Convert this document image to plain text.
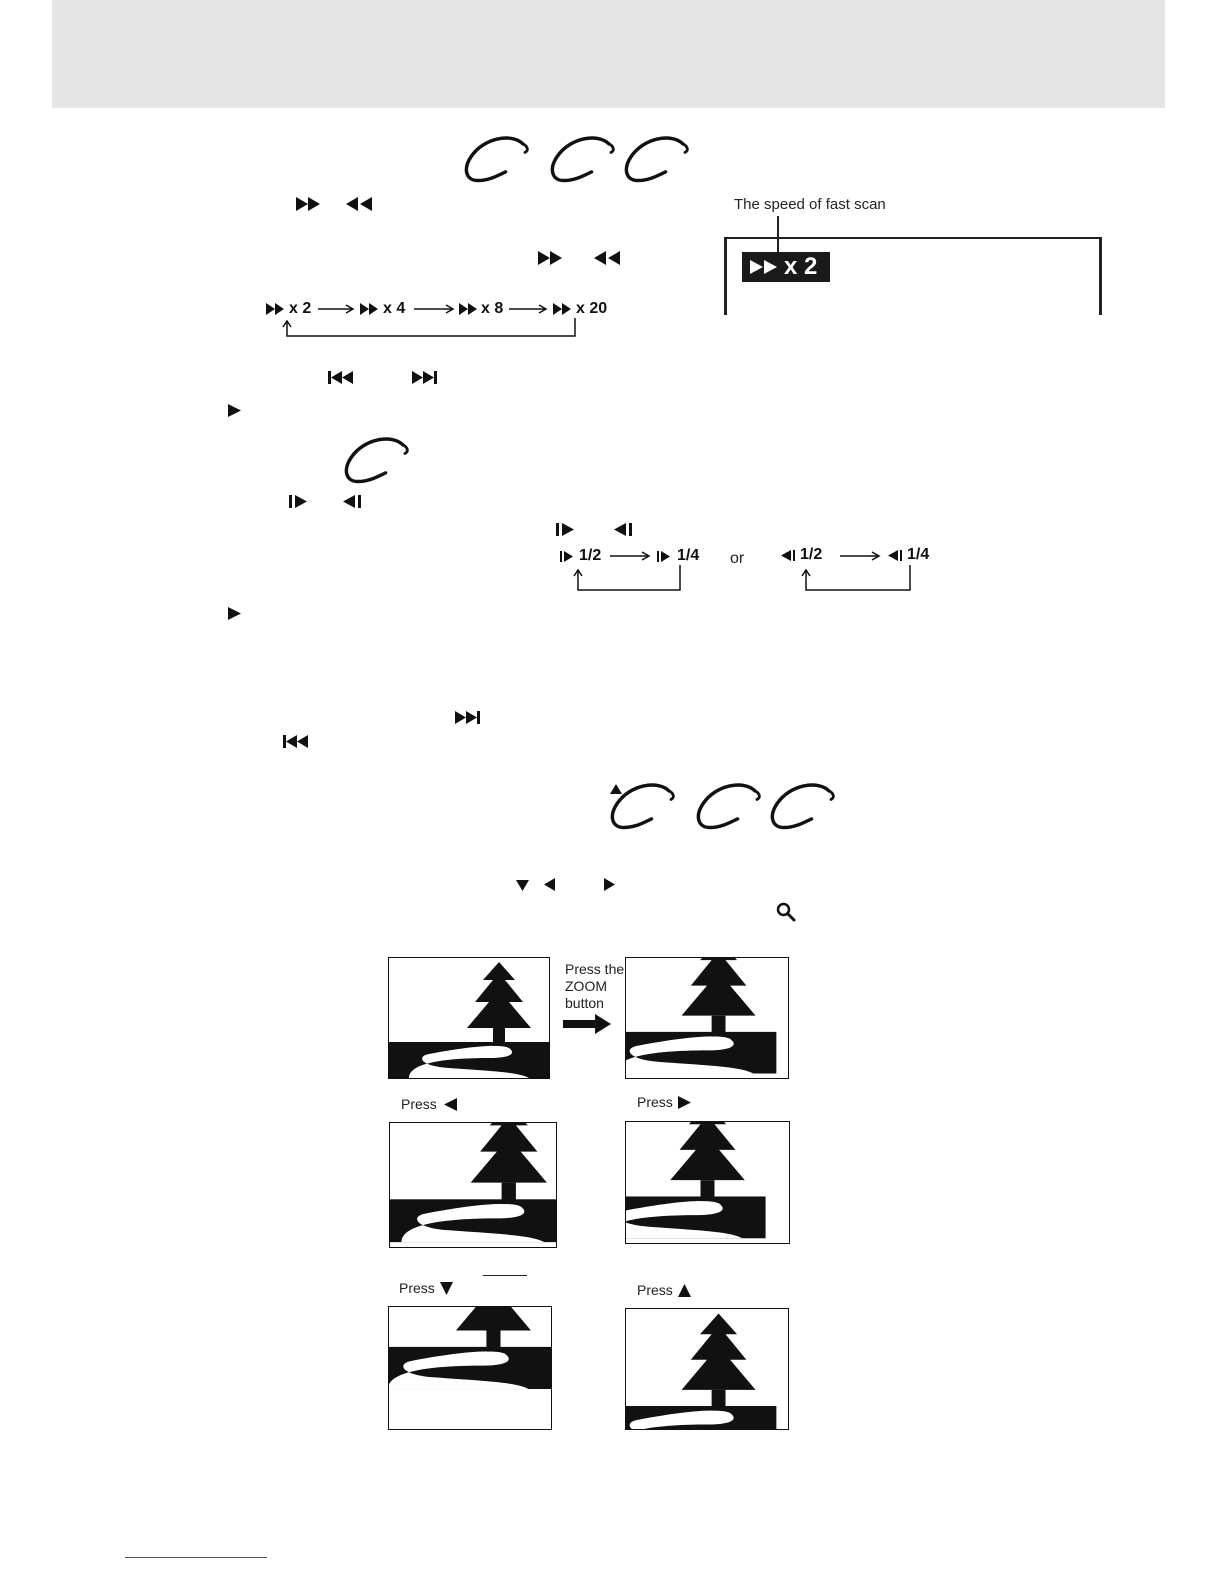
The speed of fast scan
x 2
x 2	x 4	x 8	x 20
1/2	1/4 or	1/2	1/4
Press the
ZOOM
button
Press	Press
Press	Press
